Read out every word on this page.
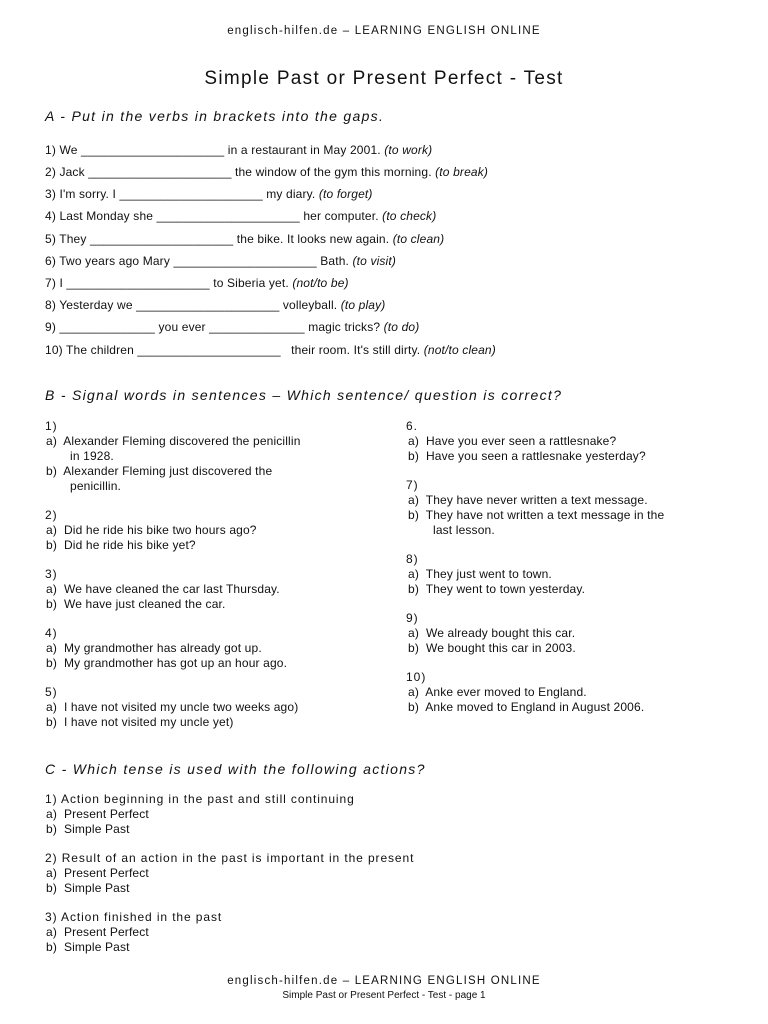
englisch-hilfen.de – LEARNING ENGLISH ONLINE
Simple Past or Present Perfect - Test
A - Put in the verbs in brackets into the gaps.
1) We _____________________ in a restaurant in May 2001. (to work)
2) Jack _____________________ the window of the gym this morning. (to break)
3) I'm sorry. I _____________________ my diary. (to forget)
4) Last Monday she _____________________ her computer. (to check)
5) They _____________________ the bike. It looks new again. (to clean)
6) Two years ago Mary _____________________ Bath. (to visit)
7) I _____________________ to Siberia yet. (not/to be)
8) Yesterday we _____________________ volleyball. (to play)
9) ______________ you ever ______________ magic tricks? (to do)
10) The children _____________________   their room. It's still dirty. (not/to clean)
B - Signal words in sentences – Which sentence/ question is correct?
1)
a)  Alexander Fleming discovered the penicillin
in 1928.
b)  Alexander Fleming just discovered the
penicillin.
2)
a)  Did he ride his bike two hours ago?
b)  Did he ride his bike yet?
3)
a)  We have cleaned the car last Thursday.
b)  We have just cleaned the car.
4)
a)  My grandmother has already got up.
b)  My grandmother has got up an hour ago.
5)
a)  I have not visited my uncle two weeks ago)
b)  I have not visited my uncle yet)
6.
a)  Have you ever seen a rattlesnake?
b)  Have you seen a rattlesnake yesterday?
7)
a)  They have never written a text message.
b)  They have not written a text message in the
last lesson.
8)
a)  They just went to town.
b)  They went to town yesterday.
9)
a)  We already bought this car.
b)  We bought this car in 2003.
10)
a)  Anke ever moved to England.
b)  Anke moved to England in August 2006.
C - Which tense is used with the following actions?
1) Action beginning in the past and still continuing
a)  Present Perfect
b)  Simple Past
2) Result of an action in the past is important in the present
a)  Present Perfect
b)  Simple Past
3) Action finished in the past
a)  Present Perfect
b)  Simple Past
englisch-hilfen.de – LEARNING ENGLISH ONLINE
Simple Past or Present Perfect - Test - page 1
